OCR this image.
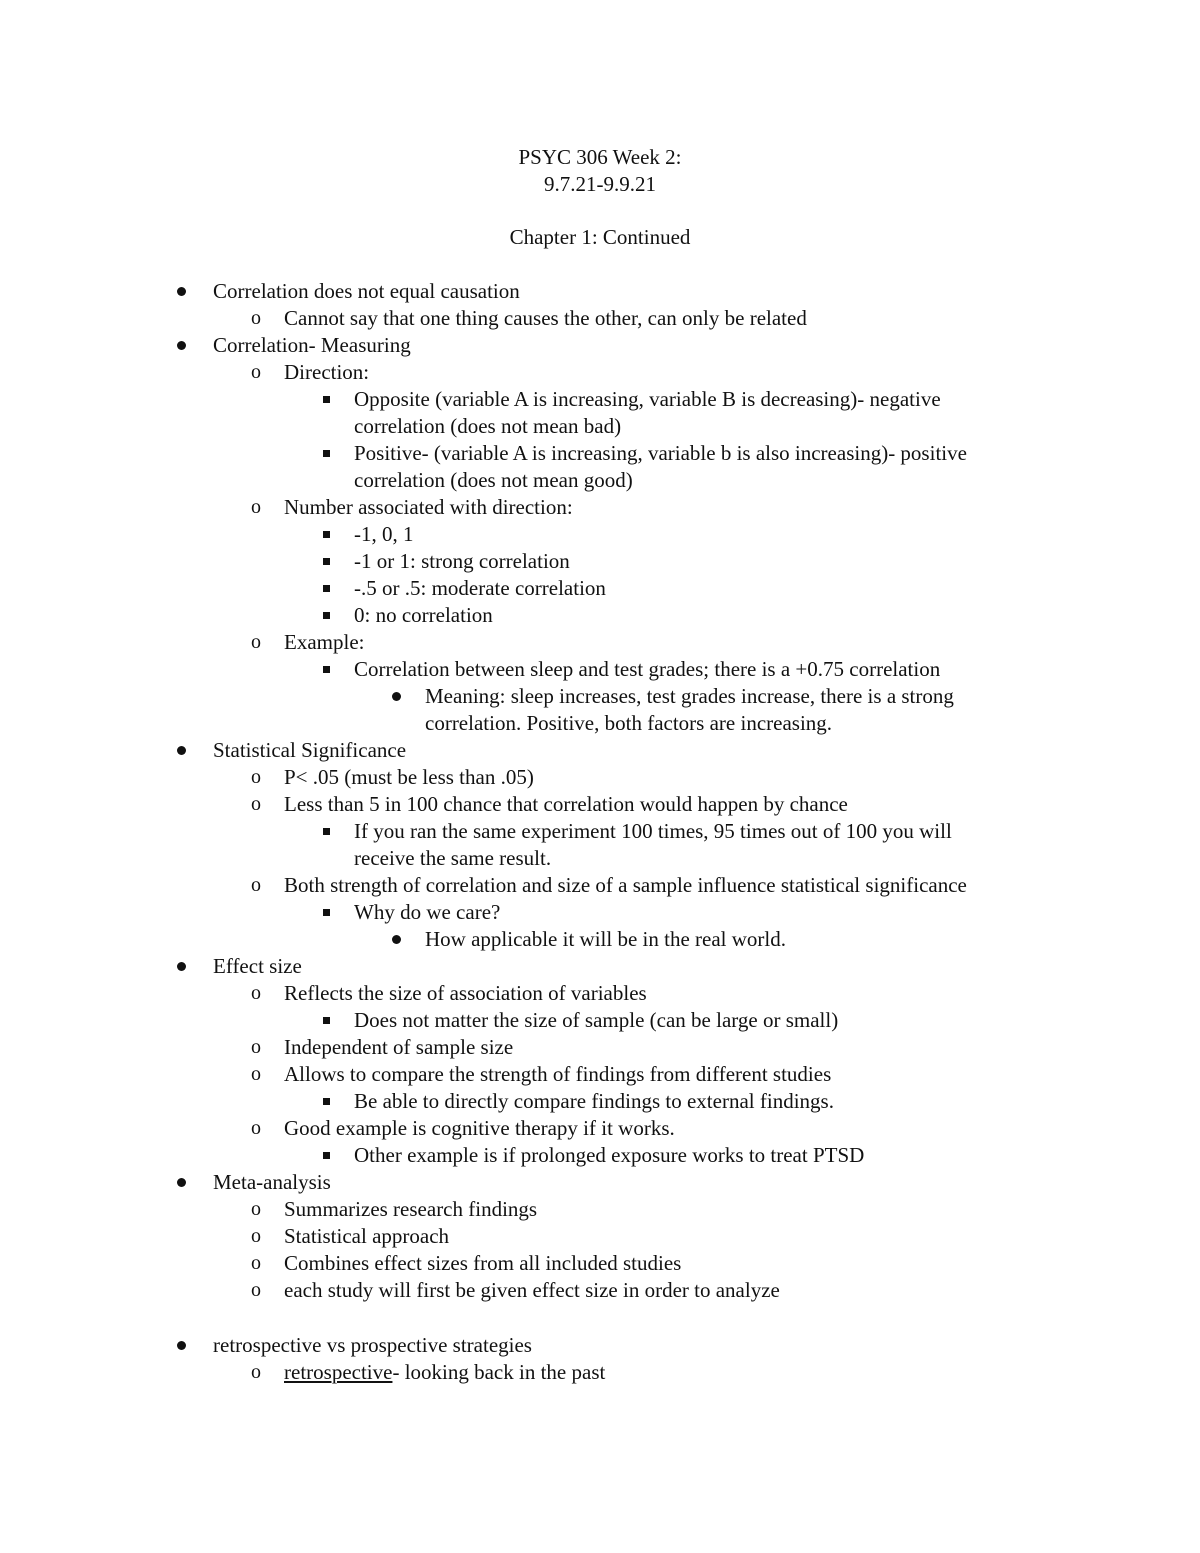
PSYC 306 Week 2:
9.7.21-9.9.21
Chapter 1: Continued
Correlation does not equal causation
o	Cannot say that one thing causes the other, can only be related
Correlation- Measuring
o	Direction:
Opposite (variable A is increasing, variable B is decreasing)- negative
correlation (does not mean bad)
Positive- (variable A is increasing, variable b is also increasing)- positive
correlation (does not mean good)
o	Number associated with direction:
-1, 0, 1
-1 or 1: strong correlation
-.5 or .5: moderate correlation
0: no correlation
o	Example:
Correlation between sleep and test grades; there is a +0.75 correlation
Meaning: sleep increases, test grades increase, there is a strong
correlation. Positive, both factors are increasing.
Statistical Significance
o	P< .05 (must be less than .05)
o	Less than 5 in 100 chance that correlation would happen by chance
If you ran the same experiment 100 times, 95 times out of 100 you will
receive the same result.
o	Both strength of correlation and size of a sample influence statistical significance
Why do we care?
How applicable it will be in the real world.
Effect size
o	Reflects the size of association of variables
Does not matter the size of sample (can be large or small)
o	Independent of sample size
o	Allows to compare the strength of findings from different studies
Be able to directly compare findings to external findings.
o	Good example is cognitive therapy if it works.
Other example is if prolonged exposure works to treat PTSD
Meta-analysis
o	Summarizes research findings
o	Statistical approach
o	Combines effect sizes from all included studies
o	each study will first be given effect size in order to analyze
retrospective vs prospective strategies
o	retrospective- looking back in the past
